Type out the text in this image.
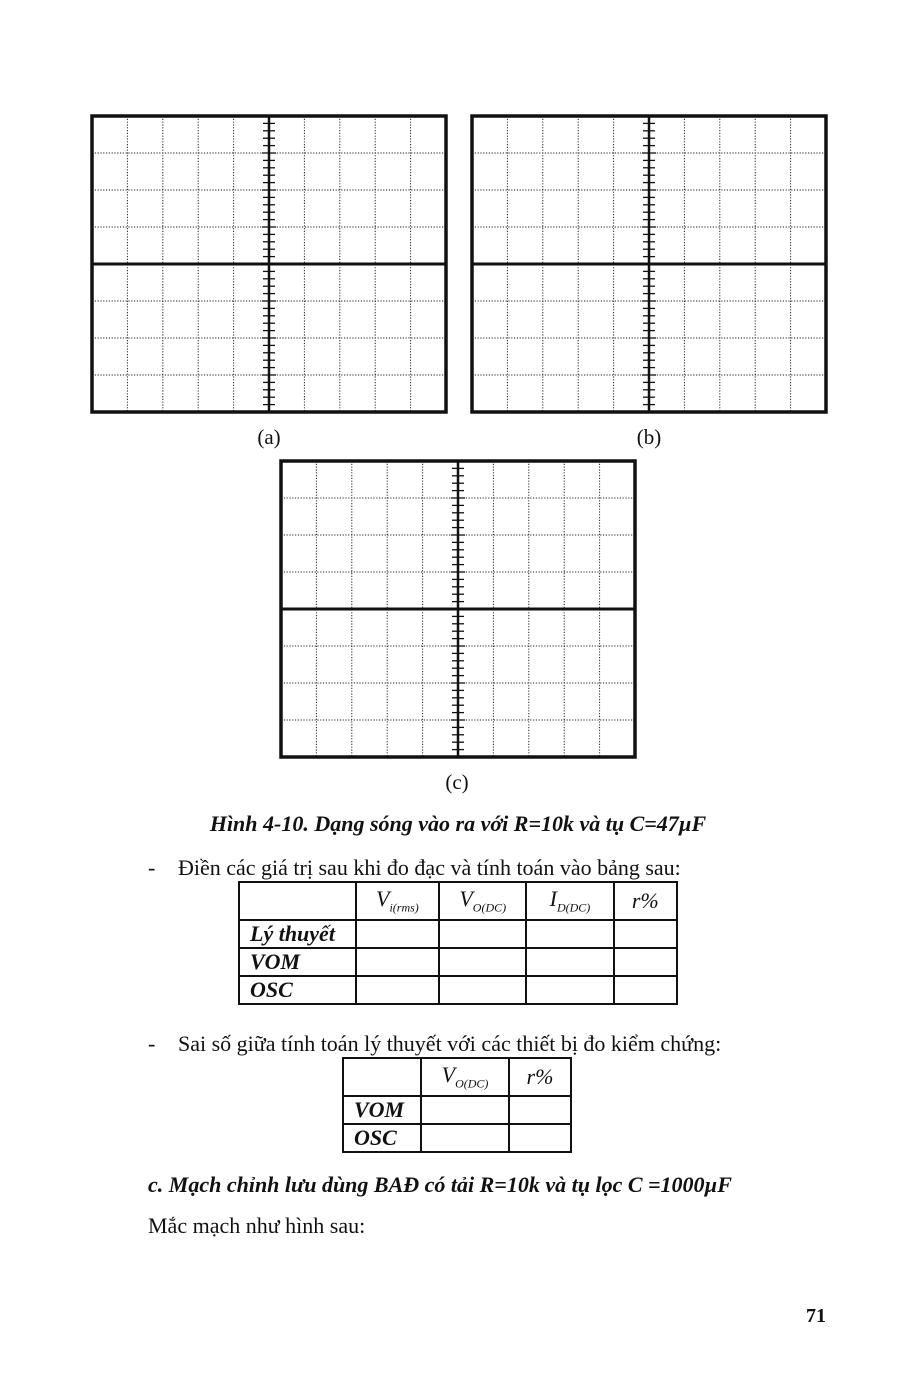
(a)	(b)
(c)
Hình 4-10. Dạng sóng vào ra với R=10k và tụ C=47µF
- Điền các giá trị sau khi đo đạc và tính toán vào bảng sau:
	$V_{i(rms)}$	$V_{O(DC)}$	$I_{D(DC)}$	r%
Lý thuyết				
VOM				
OSC				
- Sai số giữa tính toán lý thuyết với các thiết bị đo kiểm chứng:
	$V_{O(DC)}$	r%
VOM		
OSC		
c. Mạch chỉnh lưu dùng BAĐ có tải R=10k và tụ lọc C =1000µF
Mắc mạch như hình sau:
71
